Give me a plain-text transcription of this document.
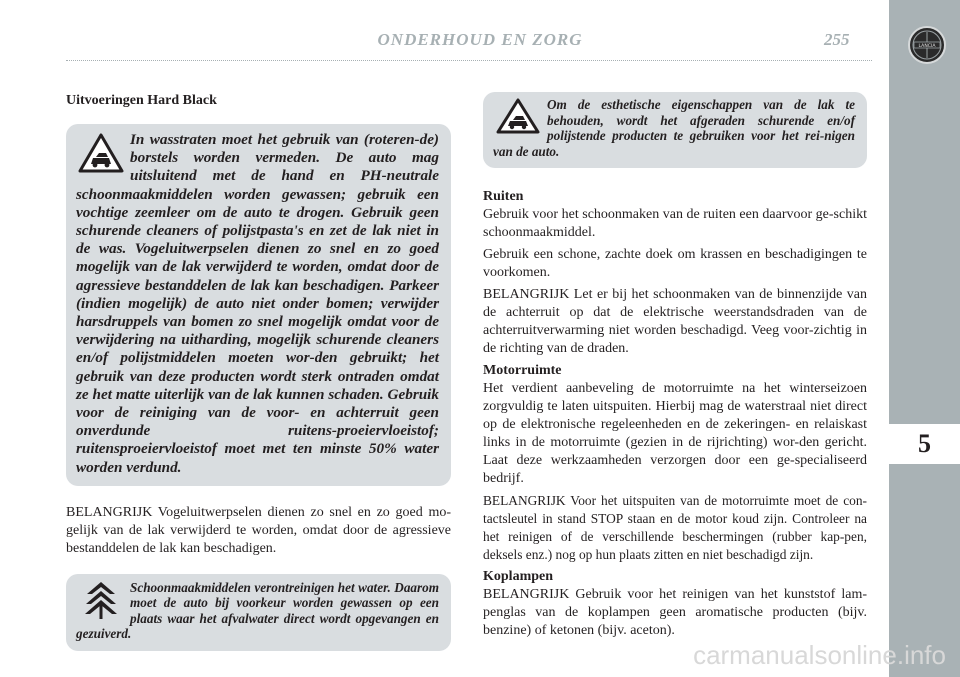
ONDERHOUD EN ZORG	255	LANCIA
5
Uitvoeringen Hard Black
In wasstraten moet het gebruik van (roteren-de) borstels worden vermeden. De auto mag uitsluitend met de hand en PH-neutrale schoonmaakmiddelen worden gewassen; gebruik een vochtige zeemleer om de auto te drogen. Gebruik geen schurende cleaners of polijstpasta's en zet de lak niet in de was. Vogeluitwerpselen dienen zo snel en zo goed mogelijk van de lak verwijderd te worden, omdat door de agressieve bestanddelen de lak kan beschadigen. Parkeer (indien mogelijk) de auto niet onder bomen; verwijder harsdruppels van bomen zo snel mogelijk omdat voor de verwijdering na uitharding, mogelijk schurende cleaners en/of polijstmiddelen moeten wor-den gebruikt; het gebruik van deze producten wordt sterk ontraden omdat ze het matte uiterlijk van de lak kunnen schaden. Gebruik voor de reiniging van de voor- en achterruit geen onverdunde ruitens-proeiervloeistof; ruitensproeiervloeistof moet met ten minste 50% water worden verdund.

BELANGRIJK Vogeluitwerpselen dienen zo snel en zo goed mo-gelijk van de lak verwijderd te worden, omdat door de agressieve bestanddelen de lak kan beschadigen.

Schoonmaakmiddelen verontreinigen het water. Daarom moet de auto bij voorkeur worden gewassen op een plaats waar het afvalwater direct wordt opgevangen en gezuiverd.
Om de esthetische eigenschappen van de lak te behouden, wordt het afgeraden schurende en/of polijstende producten te gebruiken voor het rei-nigen van de auto.
Ruiten

Gebruik voor het schoonmaken van de ruiten een daarvoor ge-schikt schoonmaakmiddel.

Gebruik een schone, zachte doek om krassen en beschadigingen te voorkomen.

BELANGRIJK Let er bij het schoonmaken van de binnenzijde van de achterruit op dat de elektrische weerstandsdraden van de achterruitverwarming niet worden beschadigd. Veeg voor-zichtig in de richting van de draden.

Motorruimte

Het verdient aanbeveling de motorruimte na het winterseizoen zorgvuldig te laten uitspuiten. Hierbij mag de waterstraal niet direct op de elektronische regeleenheden en de zekeringen- en relaiskast links in de motorruimte (gezien in de rijrichting) wor-den gericht. Laat deze werkzaamheden verzorgen door een ge-specialiseerd bedrijf.

BELANGRIJK Voor het uitspuiten van de motorruimte moet de con-tactsleutel in stand STOP staan en de motor koud zijn. Controleer na het reinigen of de verschillende beschermingen (rubber kap-pen, deksels enz.) nog op hun plaats zitten en niet beschadigd zijn.

Koplampen

BELANGRIJK Gebruik voor het reinigen van het kunststof lam-penglas van de koplampen geen aromatische producten (bijv. benzine) of ketonen (bijv. aceton).

carmanualsonline.info
